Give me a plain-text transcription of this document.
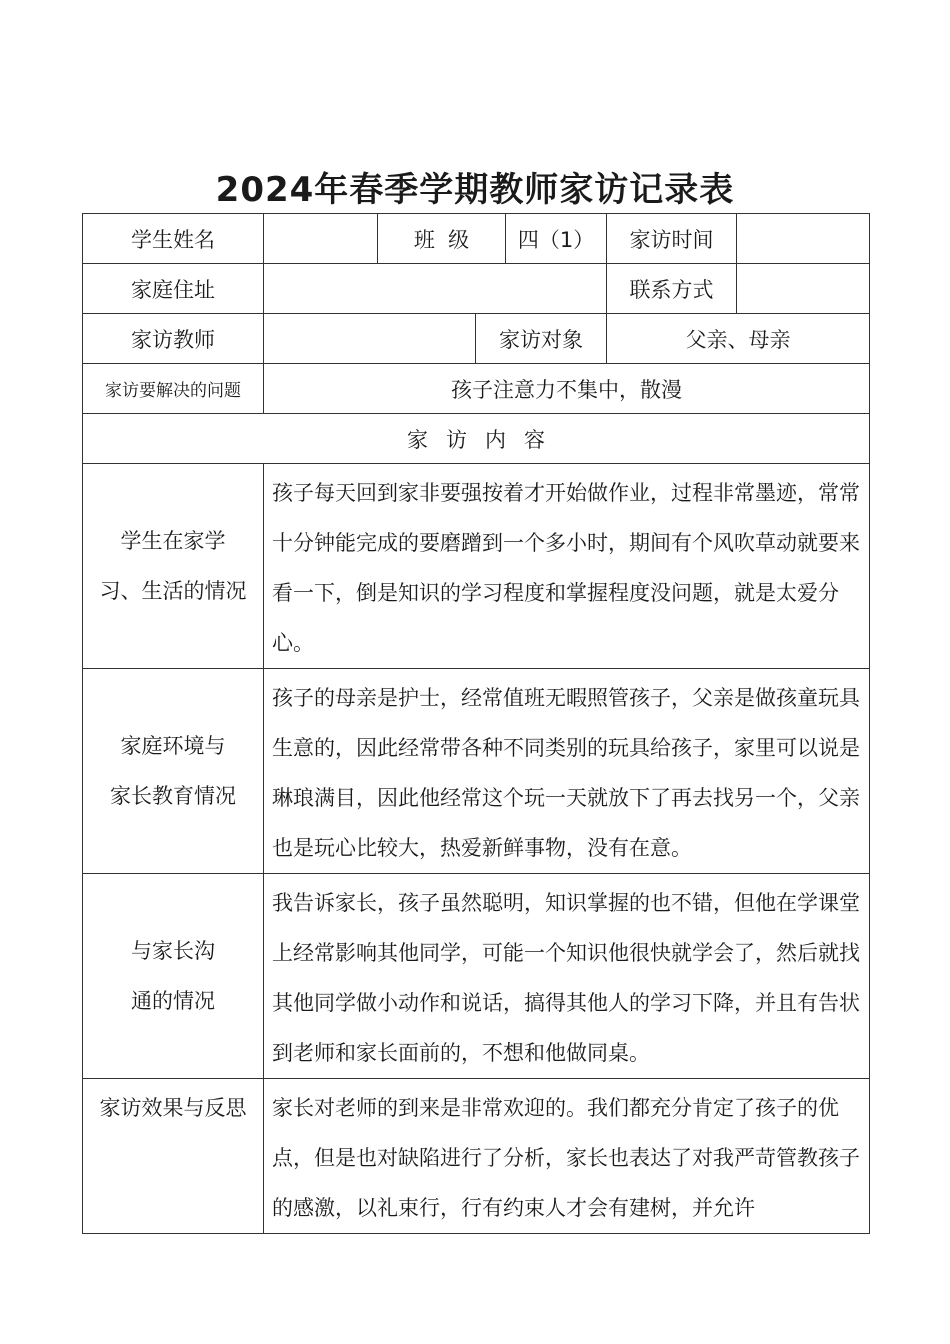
2024年春季学期教师家访记录表
学生姓名		班  级		四（1）	家访时间	
家庭住址					联系方式	
家访教师			家访对象		父亲、母亲	
家访要解决的问题	孩子注意力不集中，散漫					
家访内容						

学生在家学
习、生活的情况	孩子每天回到家非要强按着才开始做作业，过程非常墨迹，常常十分钟能完成的要磨蹭到一个多小时，期间有个风吹草动就要来看一下，倒是知识的学习程度和掌握程度没问题，就是太爱分心。					

家庭环境与
家长教育情况	孩子的母亲是护士，经常值班无暇照管孩子，父亲是做孩童玩具生意的，因此经常带各种不同类别的玩具给孩子，家里可以说是琳琅满目，因此他经常这个玩一天就放下了再去找另一个，父亲也是玩心比较大，热爱新鲜事物，没有在意。					

与家长沟
通的情况	我告诉家长，孩子虽然聪明，知识掌握的也不错，但他在学课堂上经常影响其他同学，可能一个知识他很快就学会了，然后就找其他同学做小动作和说话，搞得其他人的学习下降，并且有告状到老师和家长面前的，不想和他做同桌。					
家访效果与反思	家长对老师的到来是非常欢迎的。我们都充分肯定了孩子的优点，但是也对缺陷进行了分析，家长也表达了对我严苛管教孩子的感激，以礼束行，行有约束人才会有建树，并允许					
